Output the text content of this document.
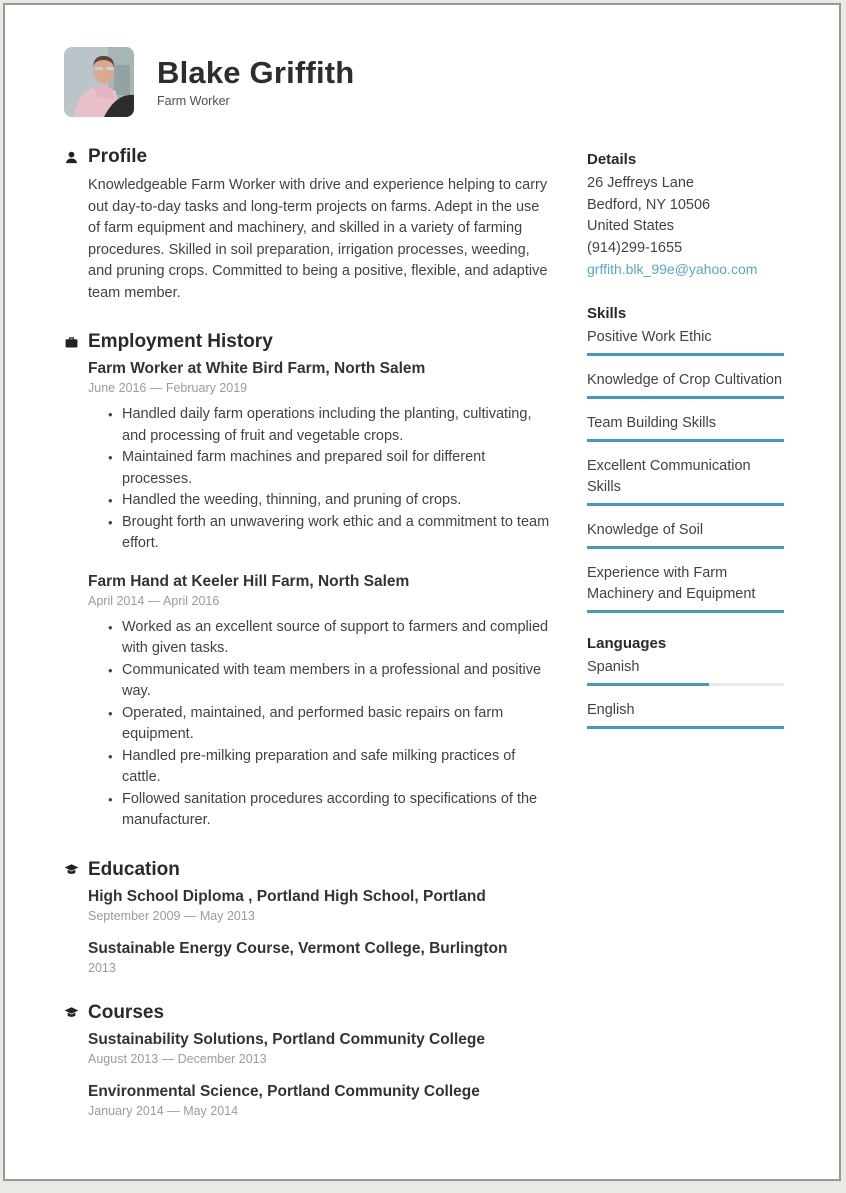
Blake Griffith
Farm Worker
Profile

Knowledgeable Farm Worker with drive and experience helping to carry out day-to-day tasks and long-term projects on farms. Adept in the use of farm equipment and machinery, and skilled in a variety of farming procedures. Skilled in soil preparation, irrigation processes, weeding, and pruning crops. Committed to being a positive, flexible, and adaptive team member.

Employment History
Farm Worker at White Bird Farm, North Salem
June 2016 — February 2019
• Handled daily farm operations including the planting, cultivating, and processing of fruit and vegetable crops.
• Maintained farm machines and prepared soil for different processes.
• Handled the weeding, thinning, and pruning of crops.
• Brought forth an unwavering work ethic and a commitment to team effort.
Farm Hand at Keeler Hill Farm, North Salem
April 2014 — April 2016
• Worked as an excellent source of support to farmers and complied with given tasks.
• Communicated with team members in a professional and positive way.
• Operated, maintained, and performed basic repairs on farm equipment.
• Handled pre-milking preparation and safe milking practices of cattle.
• Followed sanitation procedures according to specifications of the manufacturer.
Education
High School Diploma , Portland High School, Portland
September 2009 — May 2013
Sustainable Energy Course, Vermont College, Burlington
2013
Courses
Sustainability Solutions, Portland Community College
August 2013 — December 2013
Environmental Science, Portland Community College
January 2014 — May 2014
Details
26 Jeffreys Lane
Bedford, NY 10506
United States
(914)299-1655
grffith.blk_99e@yahoo.com
Skills
Positive Work Ethic
Knowledge of Crop Cultivation
Team Building Skills
Excellent Communication Skills
Knowledge of Soil
Experience with Farm Machinery and Equipment
Languages
Spanish
English
